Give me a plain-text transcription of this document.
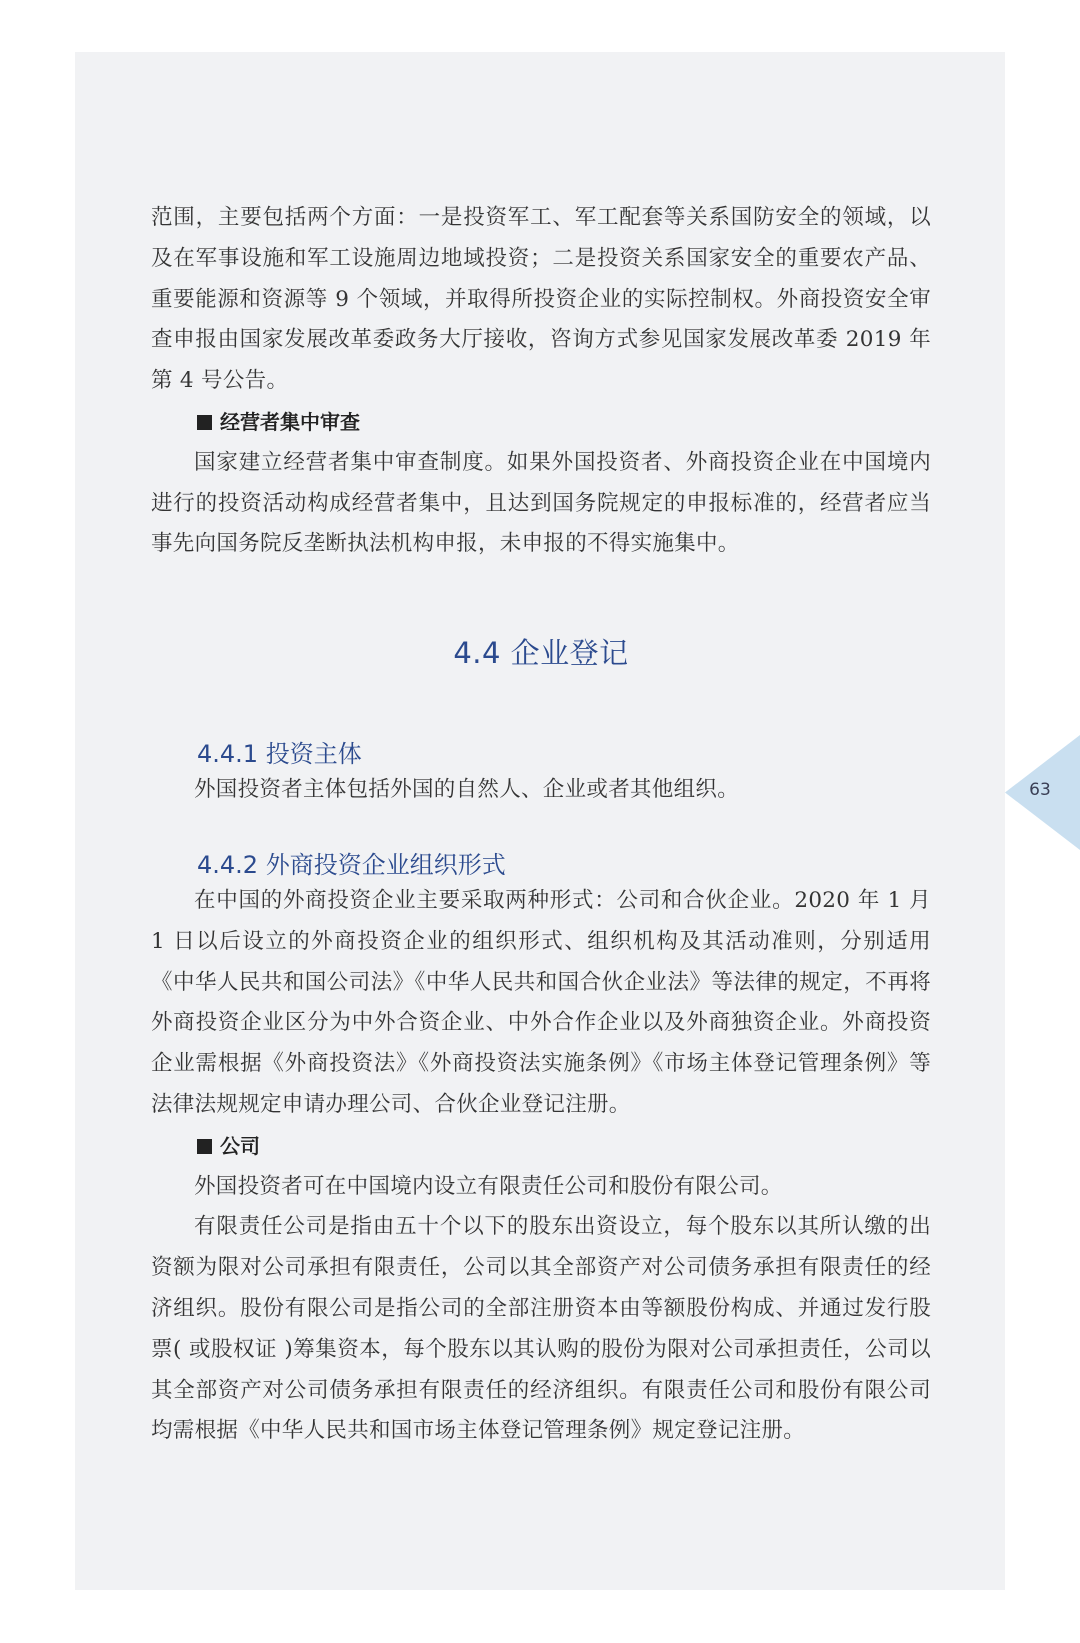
范围，主要包括两个方面：一是投资军工、军工配套等关系国防安全的领域，以及在军事设施和军工设施周边地域投资；二是投资关系国家安全的重要农产品、重要能源和资源等 9 个领域，并取得所投资企业的实际控制权。外商投资安全审查申报由国家发展改革委政务大厅接收，咨询方式参见国家发展改革委 2019 年第 4 号公告。

经营者集中审查

国家建立经营者集中审查制度。如果外国投资者、外商投资企业在中国境内进行的投资活动构成经营者集中，且达到国务院规定的申报标准的，经营者应当事先向国务院反垄断执法机构申报，未申报的不得实施集中。

4.4 企业登记
4.4.1 投资主体

外国投资者主体包括外国的自然人、企业或者其他组织。

4.4.2 外商投资企业组织形式

在中国的外商投资企业主要采取两种形式：公司和合伙企业。2020 年 1 月 1 日以后设立的外商投资企业的组织形式、组织机构及其活动准则，分别适用《中华人民共和国公司法》《中华人民共和国合伙企业法》等法律的规定，不再将外商投资企业区分为中外合资企业、中外合作企业以及外商独资企业。外商投资企业需根据《外商投资法》《外商投资法实施条例》《市场主体登记管理条例》等法律法规规定申请办理公司、合伙企业登记注册。

公司

外国投资者可在中国境内设立有限责任公司和股份有限公司。

有限责任公司是指由五十个以下的股东出资设立，每个股东以其所认缴的出资额为限对公司承担有限责任，公司以其全部资产对公司债务承担有限责任的经济组织。股份有限公司是指公司的全部注册资本由等额股份构成、并通过发行股票( 或股权证 )筹集资本，每个股东以其认购的股份为限对公司承担责任，公司以其全部资产对公司债务承担有限责任的经济组织。有限责任公司和股份有限公司均需根据《中华人民共和国市场主体登记管理条例》规定登记注册。

63
